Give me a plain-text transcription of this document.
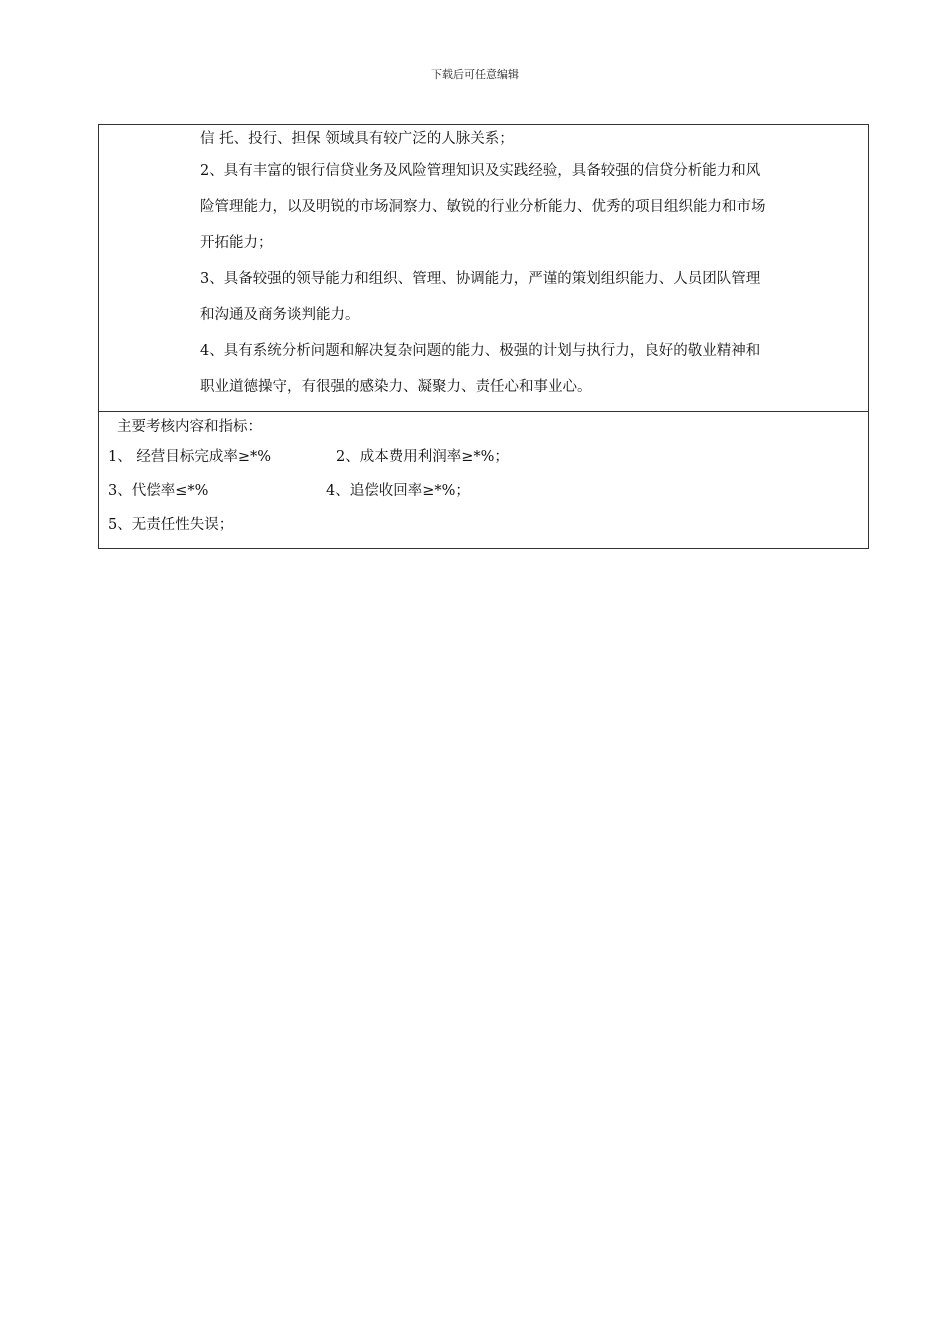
下载后可任意编辑
信 托、投行、担保 领域具有较广泛的人脉关系；
2、具有丰富的银行信贷业务及风险管理知识及实践经验，具备较强的信贷分析能力和风
险管理能力，以及明锐的市场洞察力、敏锐的行业分析能力、优秀的项目组织能力和市场
开拓能力；
3、具备较强的领导能力和组织、管理、协调能力，严谨的策划组织能力、人员团队管理
和沟通及商务谈判能力。
4、具有系统分析问题和解决复杂问题的能力、极强的计划与执行力，良好的敬业精神和
职业道德操守，有很强的感染力、凝聚力、责任心和事业心。
主要考核内容和指标：
1、 经营目标完成率≥*%	2、成本费用利润率≥*%；
3、代偿率≤*%	4、追偿收回率≥*%；
5、无责任性失误；
